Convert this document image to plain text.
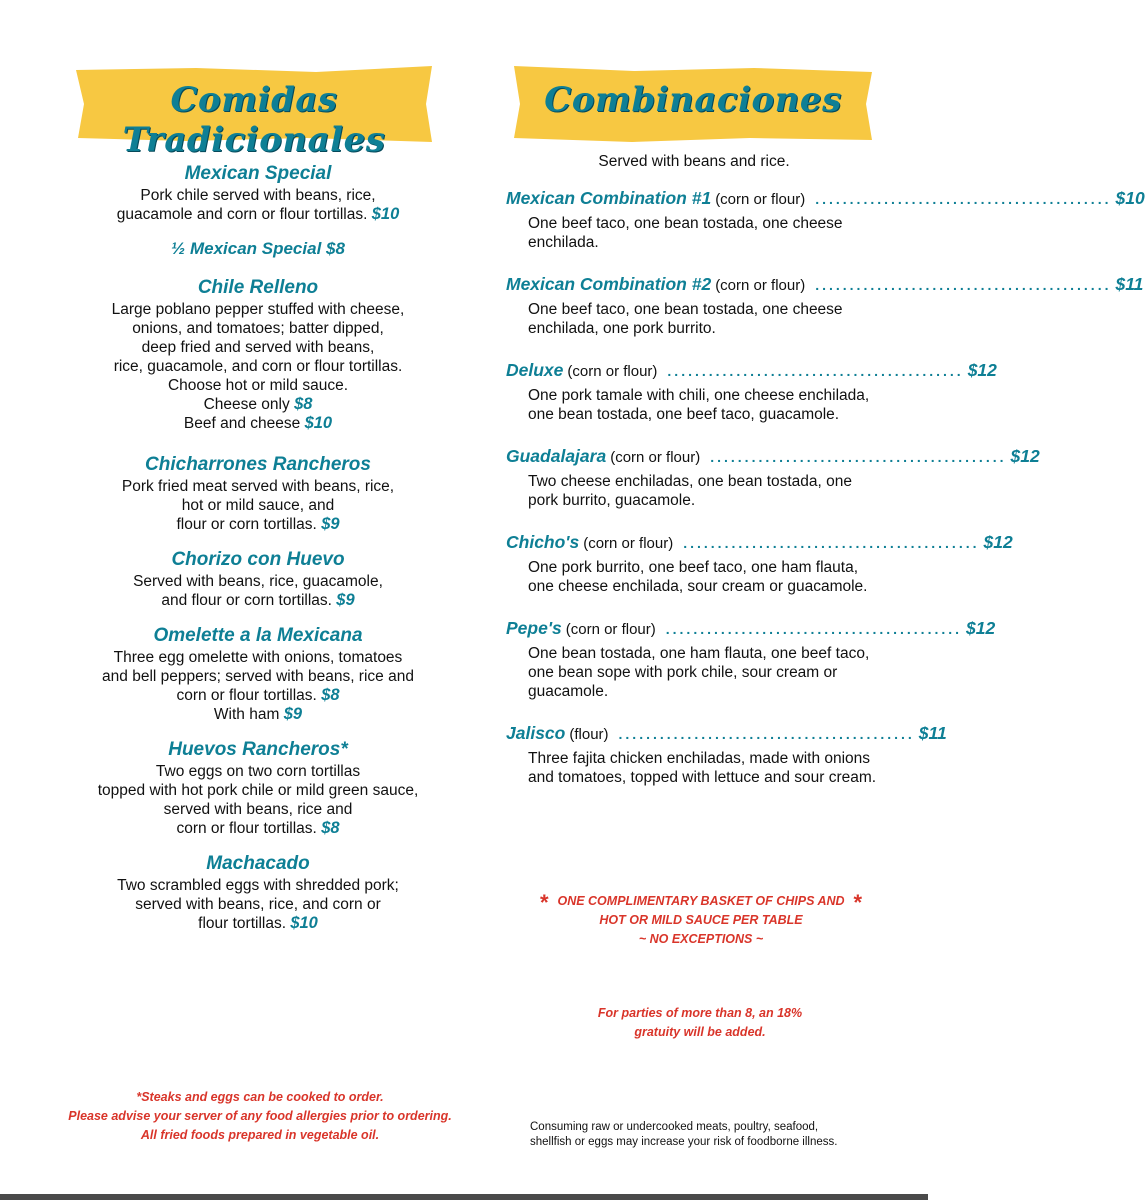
Comidas Tradicionales
Combinaciones
Mexican Special
Pork chile served with beans, rice,
guacamole and corn or flour tortillas. $10
½ Mexican Special $8
Chile Relleno
Large poblano pepper stuffed with cheese,
onions, and tomatoes; batter dipped,
deep fried and served with beans,
rice, guacamole, and corn or flour tortillas.
Choose hot or mild sauce.
Cheese only $8
Beef and cheese $10
Chicharrones Rancheros
Pork fried meat served with beans, rice,
hot or mild sauce, and
flour or corn tortillas. $9
Chorizo con Huevo
Served with beans, rice, guacamole,
and flour or corn tortillas. $9
Omelette a la Mexicana
Three egg omelette with onions, tomatoes
and bell peppers; served with beans, rice and
corn or flour tortillas. $8
With ham $9
Huevos Rancheros*
Two eggs on two corn tortillas
topped with hot pork chile or mild green sauce,
served with beans, rice and
corn or flour tortillas. $8
Machacado
Two scrambled eggs with shredded pork;
served with beans, rice, and corn or
flour tortillas. $10
*Steaks and eggs can be cooked to order.
Please advise your server of any food allergies prior to ordering.
All fried foods prepared in vegetable oil.
Served with beans and rice.
Mexican Combination #1 (corn or flour) ........................................... $10
One beef taco, one bean tostada, one cheese
enchilada.
Mexican Combination #2 (corn or flour) ........................................... $11
One beef taco, one bean tostada, one cheese
enchilada, one pork burrito.
Deluxe (corn or flour) ........................................... $12
One pork tamale with chili, one cheese enchilada,
one bean tostada, one beef taco, guacamole.
Guadalajara (corn or flour) ........................................... $12
Two cheese enchiladas, one bean tostada, one
pork burrito, guacamole.
Chicho's (corn or flour) ........................................... $12
One pork burrito, one beef taco, one ham flauta,
one cheese enchilada, sour cream or guacamole.
Pepe's (corn or flour) ........................................... $12
One bean tostada, one ham flauta, one beef taco,
one bean sope with pork chile, sour cream or
guacamole.
Jalisco (flour) ........................................... $11
Three fajita chicken enchiladas, made with onions
and tomatoes, topped with lettuce and sour cream.
*	*
ONE COMPLIMENTARY BASKET OF CHIPS AND
HOT OR MILD SAUCE PER TABLE
~ NO EXCEPTIONS ~
For parties of more than 8, an 18%
gratuity will be added.
Consuming raw or undercooked meats, poultry, seafood,
shellfish or eggs may increase your risk of foodborne illness.
